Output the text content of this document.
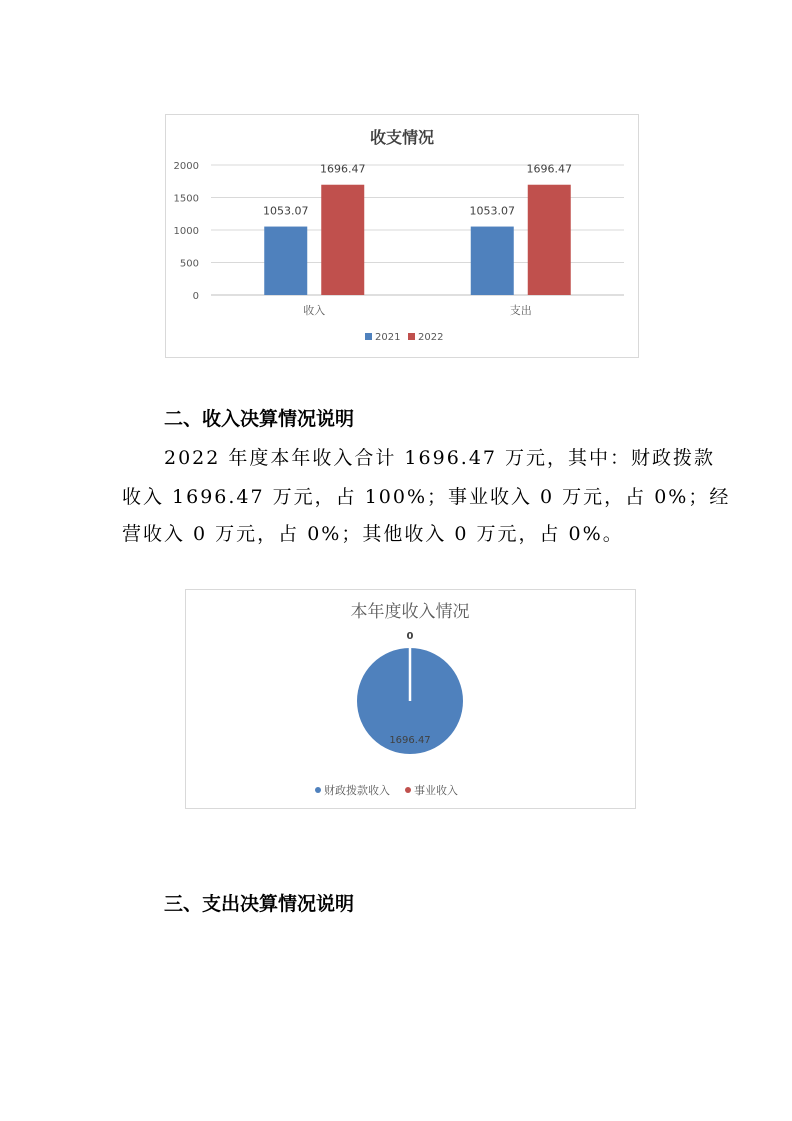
收支情况
0
500
1000
1500
2000
1053.07
1696.47
1053.07
1696.47
收入	支出
2021 2022
二、收入决算情况说明
2022 年度本年收入合计 1696.47 万元，其中：财政拨款
收入 1696.47 万元，占 100%；事业收入 0 万元，占 0%；经
营收入 0 万元，占 0%；其他收入 0 万元，占 0%。
本年度收入情况
1696.47
0
财政拨款收入 事业收入
三、支出决算情况说明
